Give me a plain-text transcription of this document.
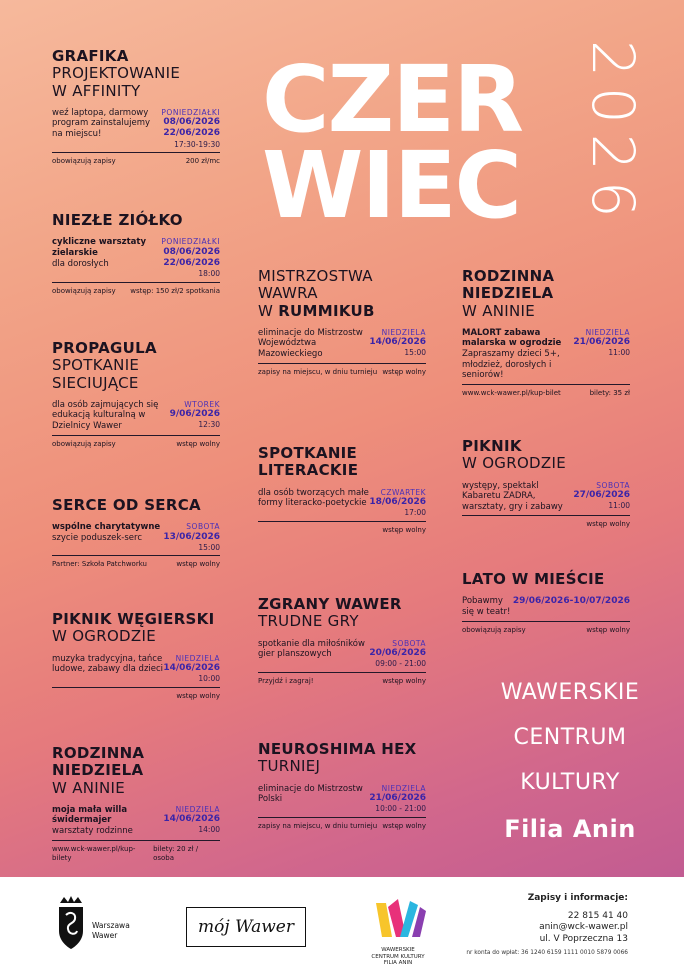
CZER
WIEC 2026
GRAFIKA
PROJEKTOWANIE
W AFFINITY
weź laptopa, darmowy program zainstalujemy na miejscu!
PONIEDZIAŁKI
08/06/2026
22/06/2026
17:30-19:30
obowiązują zapisy	200 zł/mc
NIEZŁE ZIÓŁKO
cykliczne warsztaty zielarskie
dla dorosłych
PONIEDZIAŁKI
08/06/2026
22/06/2026
18:00
obowiązują zapisy wstęp: 150 zł/2 spotkania
PROPAGULA
SPOTKANIE
SIECIUJĄCE
dla osób zajmujących się edukacją kulturalną w Dzielnicy Wawer
WTOREK
9/06/2026
12:30
obowiązują zapisy	wstęp wolny
SERCE OD SERCA
wspólne charytatywne
szycie poduszek-serc
SOBOTA
13/06/2026
15:00
Partner: Szkoła Patchworku	wstęp wolny
PIKNIK WĘGIERSKI
W OGRODZIE
muzyka tradycyjna, tańce ludowe, zabawy dla dzieci
NIEDZIELA
14/06/2026
10:00
wstęp wolny
RODZINNA NIEDZIELA
W ANINIE
moja mała willa świdermajer
warsztaty rodzinne
NIEDZIELA
14/06/2026
14:00
www.wck-wawer.pl/kup-bilety
bilety: 20 zł / osoba
MISTRZOSTWA
WAWRA
W RUMMIKUB
eliminacje do Mistrzostw Województwa Mazowieckiego
NIEDZIELA
14/06/2026
15:00
zapisy na miejscu, w dniu turnieju wstęp wolny
SPOTKANIE
LITERACKIE
dla osób tworzących małe formy literacko-poetyckie
CZWARTEK
18/06/2026
17:00
wstęp wolny
ZGRANY WAWER
TRUDNE GRY
spotkanie dla miłośników gier planszowych
SOBOTA
20/06/2026
09:00 - 21:00
Przyjdź i zagraj!	wstęp wolny
NEUROSHIMA HEX
TURNIEJ
eliminacje do Mistrzostw Polski
NIEDZIELA
21/06/2026
10:00 - 21:00
zapisy na miejscu, w dniu turnieju wstęp wolny
RODZINNA NIEDZIELA
W ANINIE
MALORT zabawa malarska w ogrodzie
Zapraszamy dzieci 5+, młodzież, dorosłych i seniorów!
NIEDZIELA
21/06/2026
11:00
www.wck-wawer.pl/kup-bilet	bilety: 35 zł
PIKNIK
W OGRODZIE
występy, spektakl Kabaretu ZADRA, warsztaty, gry i zabawy
SOBOTA
27/06/2026
11:00
wstęp wolny
LATO W MIEŚCIE
Pobawmy się w teatr!
29/06/2026-10/07/2026
obowiązują zapisy	wstęp wolny
WAWERSKIE
CENTRUM
KULTURY
Filia Anin
Warszawa Wawer	mój Wawer
WAWERSKIE CENTRUM KULTURY FILIA ANIN
Zapisy i informacje:
22 815 41 40
anin@wck-wawer.pl
ul. V Poprzeczna 13
nr konta do wpłat: 36 1240 6159 1111 0010 5879 0066
